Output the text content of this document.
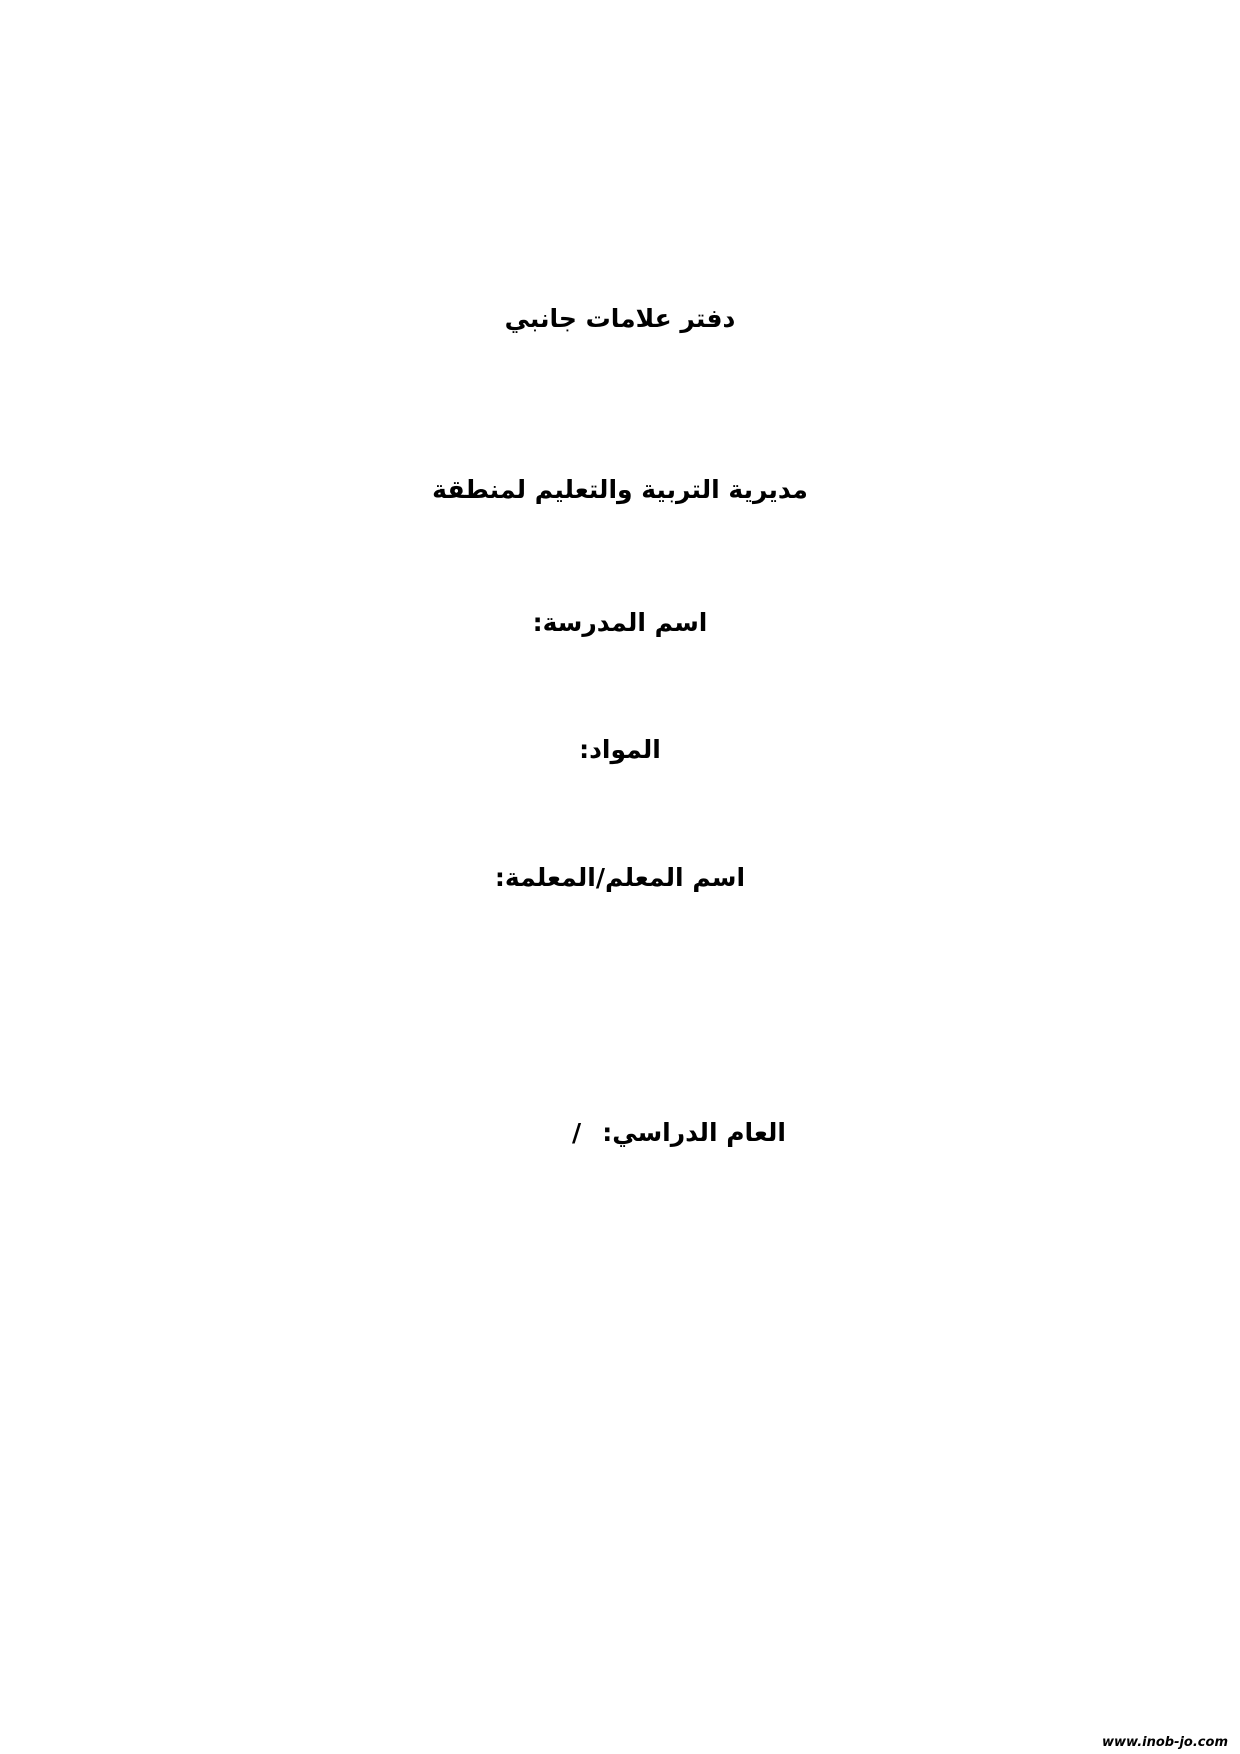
دفتر علامات جانبي
مديرية التربية والتعليم لمنطقة
اسم المدرسة:
المواد:
اسم المعلم/المعلمة:
العام الدراسي:
/
www.inob-jo.com
